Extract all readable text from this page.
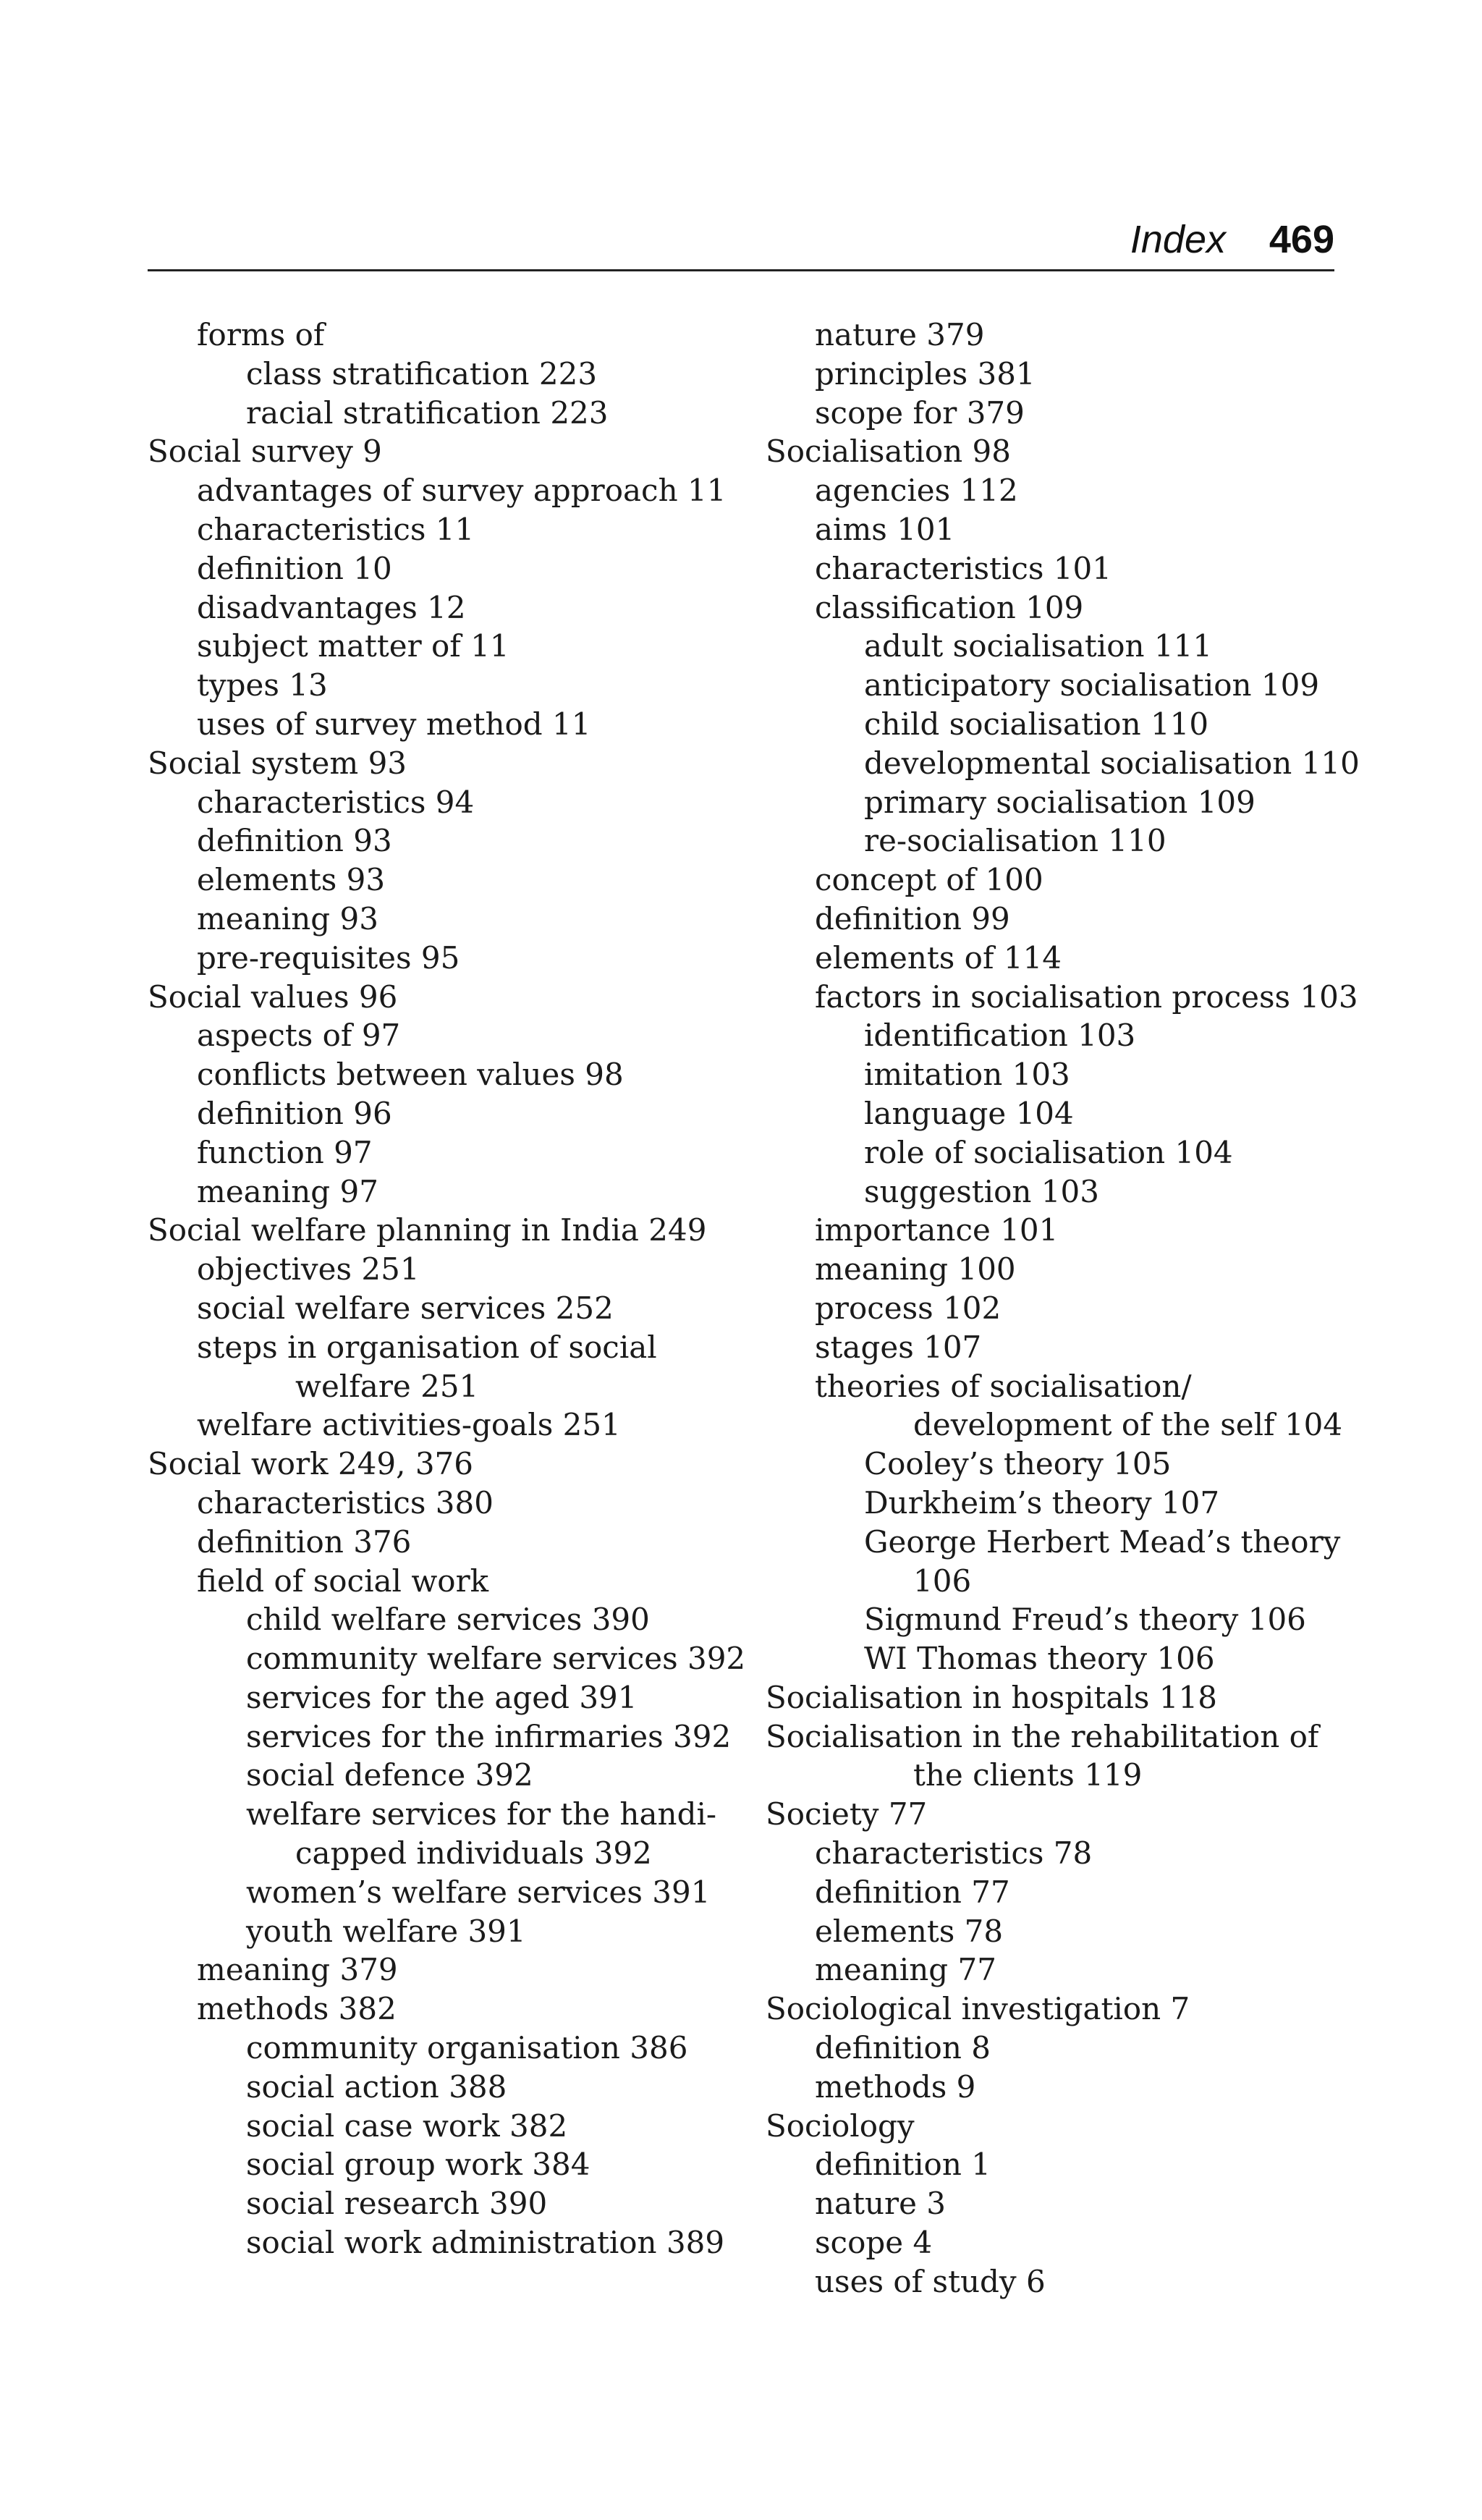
Index 469

forms of

class stratification 223

racial stratification 223

Social survey 9

advantages of survey approach 11

characteristics 11

definition 10

disadvantages 12

subject matter of 11

types 13

uses of survey method 11

Social system 93

characteristics 94

definition 93

elements 93

meaning 93

pre-requisites 95

Social values 96

aspects of 97

conflicts between values 98

definition 96

function 97

meaning 97

Social welfare planning in India 249

objectives 251

social welfare services 252

steps in organisation of social

welfare 251

welfare activities-goals 251

Social work 249, 376

characteristics 380

definition 376

field of social work

child welfare services 390

community welfare services 392

services for the aged 391

services for the infirmaries 392

social defence 392

welfare services for the handi-

capped individuals 392

women’s welfare services 391

youth welfare 391

meaning 379

methods 382

community organisation 386

social action 388

social case work 382

social group work 384

social research 390

social work administration 389

nature 379

principles 381

scope for 379

Socialisation 98

agencies 112

aims 101

characteristics 101

classification 109

adult socialisation 111

anticipatory socialisation 109

child socialisation 110

developmental socialisation 110

primary socialisation 109

re-socialisation 110

concept of 100

definition 99

elements of 114

factors in socialisation process 103

identification 103

imitation 103

language 104

role of socialisation 104

suggestion 103

importance 101

meaning 100

process 102

stages 107

theories of socialisation/

development of the self 104

Cooley’s theory 105

Durkheim’s theory 107

George Herbert Mead’s theory

106

Sigmund Freud’s theory 106

WI Thomas theory 106

Socialisation in hospitals 118

Socialisation in the rehabilitation of

the clients 119

Society 77

characteristics 78

definition 77

elements 78

meaning 77

Sociological investigation 7

definition 8

methods 9

Sociology

definition 1

nature 3

scope 4

uses of study 6
